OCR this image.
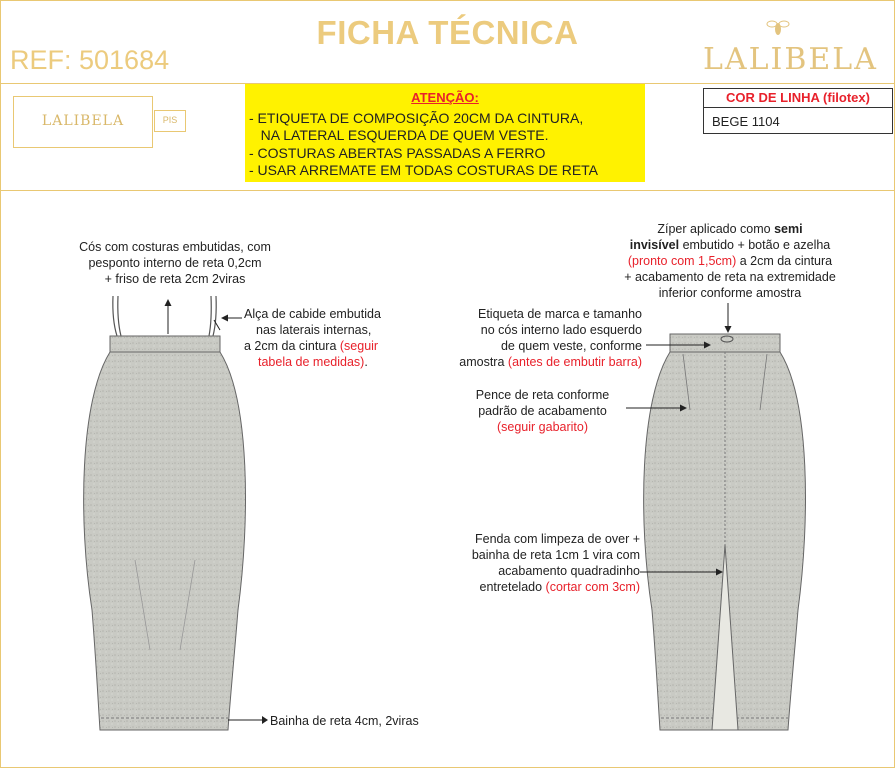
FICHA TÉCNICA
REF: 501684	LALIBELA
LALIBELA	PIS
ATENÇÃO:
- ETIQUETA DE COMPOSIÇÃO 20CM DA CINTURA,
NA LATERAL ESQUERDA DE QUEM VESTE.
- COSTURAS ABERTAS PASSADAS A FERRO
- USAR ARREMATE EM TODAS COSTURAS DE RETA
COR DE LINHA (filotex)
BEGE 1104
Cós com costuras embutidas, com
pesponto interno de reta 0,2cm
+ friso de reta 2cm 2viras
Alça de cabide embutida
nas laterais internas,
a 2cm da cintura (seguir
tabela de medidas).
Bainha de reta 4cm, 2viras
Zíper aplicado como semi
invisível embutido + botão e azelha
(pronto com 1,5cm) a 2cm da cintura
+ acabamento de reta na extremidade
inferior conforme amostra
Etiqueta de marca e tamanho
no cós interno lado esquerdo
de quem veste, conforme
amostra (antes de embutir barra)
Pence de reta conforme
padrão de acabamento
(seguir gabarito)
Fenda com limpeza de over +
bainha de reta 1cm 1 vira com
acabamento quadradinho
entretelado (cortar com 3cm)
